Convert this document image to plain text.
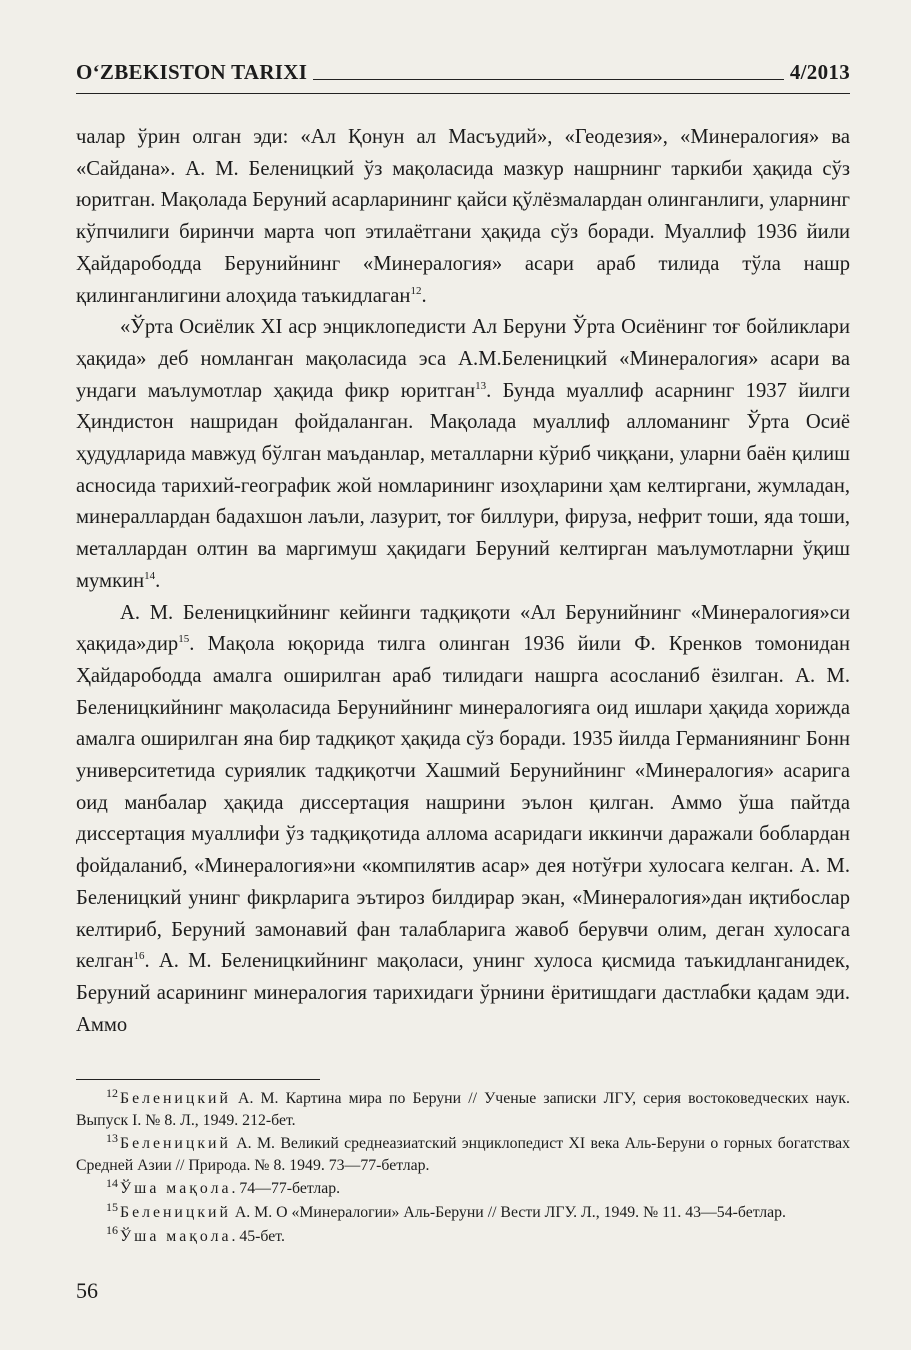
O‘ZBEKISTON TARIXI	4/2013

чалар ўрин олган эди: «Ал Қонун ал Масъудий», «Геодезия», «Минералогия» ва «Сайдана». А. М. Беленицкий ўз мақоласида мазкур нашрнинг таркиби ҳақида сўз юритган. Мақолада Беруний асарларининг қайси қўлёзмалардан олинганлиги, уларнинг кўпчилиги биринчи марта чоп этилаётгани ҳақида сўз боради. Муаллиф 1936 йили Ҳайдарободда Берунийнинг «Минералогия» асари араб тилида тўла нашр қилинганлигини алоҳида таъкидлаган$^{12}$.

«Ўрта Осиёлик XI аср энциклопедисти Ал Беруни Ўрта Осиёнинг тоғ бойликлари ҳақида» деб номланган мақоласида эса А.М.Беленицкий «Минералогия» асари ва ундаги маълумотлар ҳақида фикр юритган$^{13}$. Бунда муаллиф асарнинг 1937 йилги Ҳиндистон нашридан фойдаланган. Мақолада муаллиф алломанинг Ўрта Осиё ҳудудларида мавжуд бўлган маъданлар, металларни кўриб чиққани, уларни баён қилиш асносида тарихий-географик жой номларининг изоҳларини ҳам келтиргани, жумладан, минераллардан бадахшон лаъли, лазурит, тоғ биллури, фируза, нефрит тоши, яда тоши, металлардан олтин ва маргимуш ҳақидаги Беруний келтирган маълумотларни ўқиш мумкин$^{14}$.

А. М. Беленицкийнинг кейинги тадқиқоти «Ал Берунийнинг «Минералогия»си ҳақида»дир$^{15}$. Мақола юқорида тилга олинган 1936 йили Ф. Кренков томонидан Ҳайдарободда амалга оширилган араб тилидаги нашрга асосланиб ёзилган. А. М. Беленицкийнинг мақоласида Берунийнинг минералогияга оид ишлари ҳақида хорижда амалга оширилган яна бир тадқиқот ҳақида сўз боради. 1935 йилда Германиянинг Бонн университетида суриялик тадқиқотчи Хашмий Берунийнинг «Минералогия» асарига оид манбалар ҳақида диссертация нашрини эълон қилган. Аммо ўша пайтда диссертация муаллифи ўз тадқиқотида аллома асаридаги иккинчи даражали боблардан фойдаланиб, «Минералогия»ни «компилятив асар» дея нотўғри хулосага келган. А. М. Беленицкий унинг фикрларига эътироз билдирар экан, «Минералогия»дан иқтибослар келтириб, Беруний замонавий фан талабларига жавоб берувчи олим, деган хулосага келган$^{16}$. А. М. Беленицкийнинг мақоласи, унинг хулоса қисмида таъкидланганидек, Беруний асарининг минералогия тарихидаги ўрнини ёритишдаги дастлабки қадам эди. Аммо

$^{12}$ Беленицкий А. М. Картина мира по Беруни // Ученые записки ЛГУ, серия востоковедческих наук. Выпуск I. № 8. Л., 1949. 212-бет.

$^{13}$ Беленицкий А. М. Великий среднеазиатский энциклопедист XI века Аль-Беруни о горных богатствах Средней Азии // Природа. № 8. 1949. 73—77-бетлар.

$^{14}$ Ўша мақола. 74—77-бетлар.

$^{15}$ Беленицкий А. М. О «Минералогии» Аль-Беруни // Вести ЛГУ. Л., 1949. № 11. 43—54-бетлар.

$^{16}$ Ўша мақола. 45-бет.

56
